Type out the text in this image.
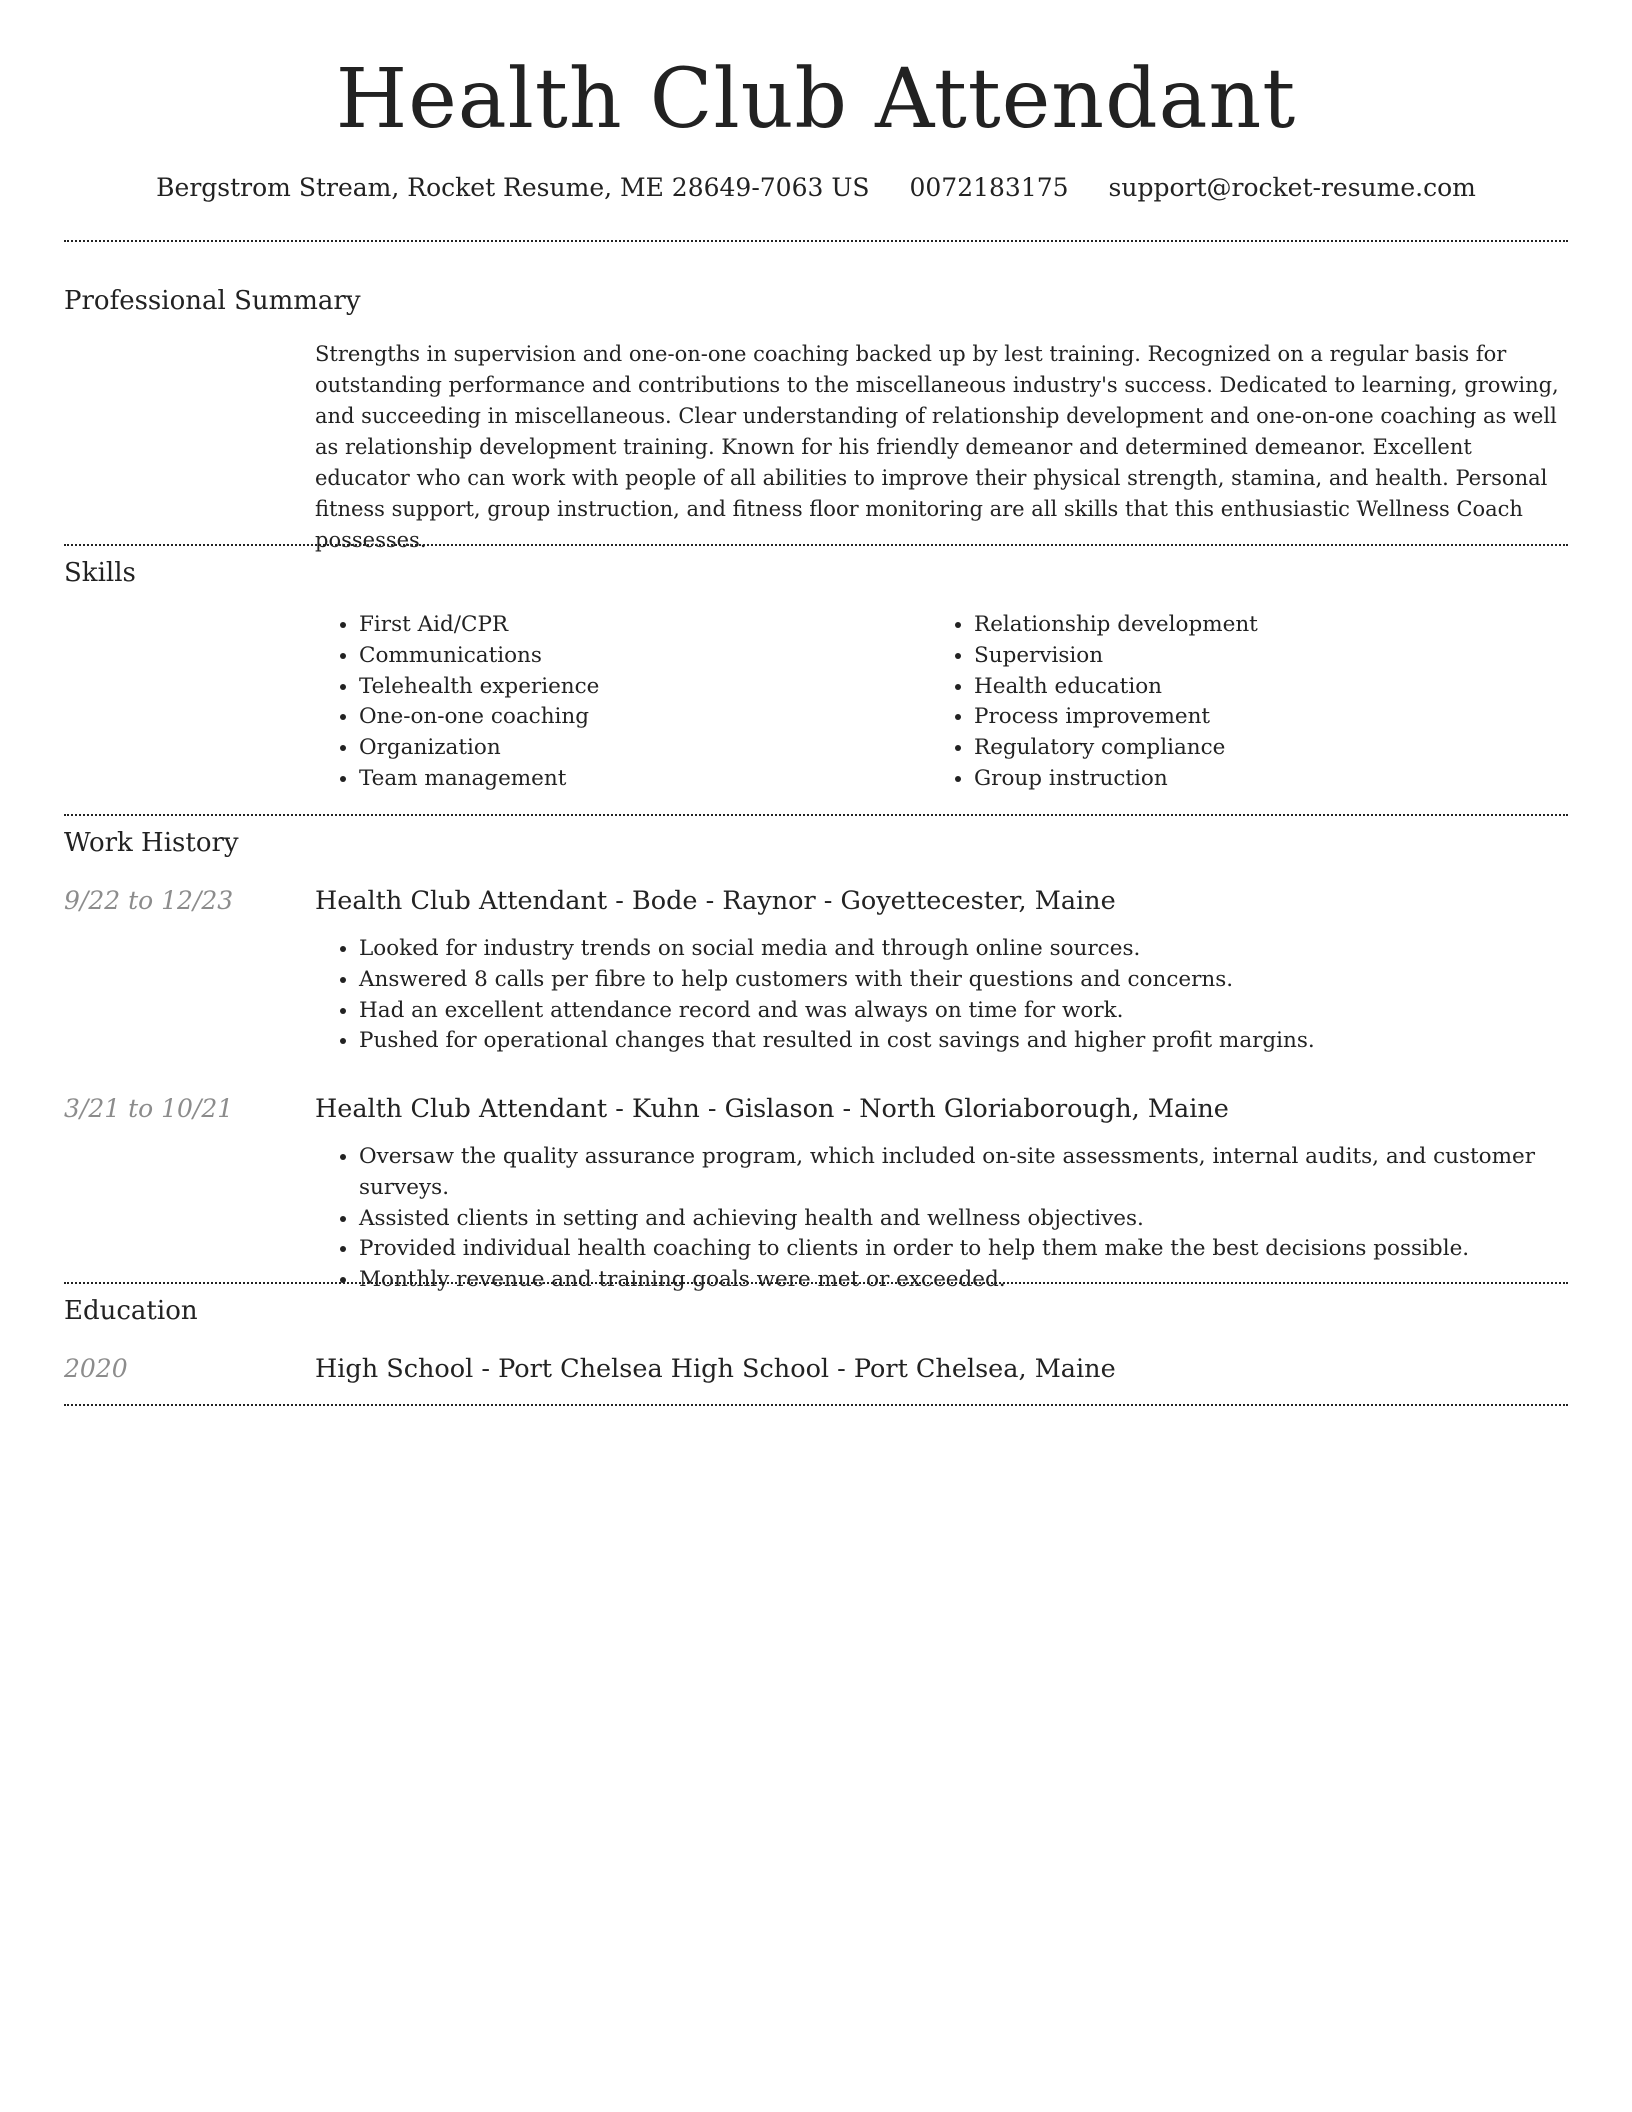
Health Club Attendant
Bergstrom Stream, Rocket Resume, ME 28649-7063 US 0072183175 support@rocket-resume.com
Professional Summary

Strengths in supervision and one-on-one coaching backed up by lest training. Recognized on a regular basis for outstanding performance and contributions to the miscellaneous industry's success. Dedicated to learning, growing, and succeeding in miscellaneous. Clear understanding of relationship development and one-on-one coaching as well as relationship development training. Known for his friendly demeanor and determined demeanor. Excellent educator who can work with people of all abilities to improve their physical strength, stamina, and health. Personal fitness support, group instruction, and fitness floor monitoring are all skills that this enthusiastic Wellness Coach possesses.

Skills
• First Aid/CPR
• Communications
• Telehealth experience
• One-on-one coaching
• Organization
• Team management
• Relationship development
• Supervision
• Health education
• Process improvement
• Regulatory compliance
• Group instruction
Work History
9/22 to 12/23	Health Club Attendant - Bode - Raynor - Goyettecester, Maine
• Looked for industry trends on social media and through online sources.
• Answered 8 calls per fibre to help customers with their questions and concerns.
• Had an excellent attendance record and was always on time for work.
• Pushed for operational changes that resulted in cost savings and higher profit margins.
3/21 to 10/21	Health Club Attendant - Kuhn - Gislason - North Gloriaborough, Maine
• Oversaw the quality assurance program, which included on-site assessments, internal audits, and customer surveys.
• Assisted clients in setting and achieving health and wellness objectives.
• Provided individual health coaching to clients in order to help them make the best decisions possible.
• Monthly revenue and training goals were met or exceeded.
Education
2020	High School - Port Chelsea High School - Port Chelsea, Maine
